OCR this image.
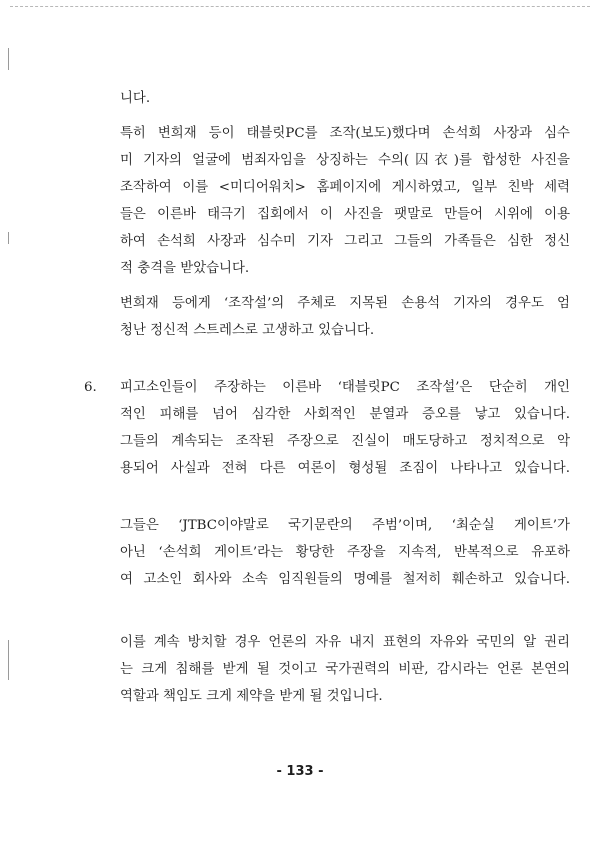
니다.
특히 변희재 등이 태블릿PC를 조작(보도)했다며 손석희 사장과 심수
미 기자의 얼굴에 범죄자임을 상징하는 수의(囚衣)를 합성한 사진을
조작하여 이를 <미디어워치> 홈페이지에 게시하였고, 일부 친박 세력
들은 이른바 태극기 집회에서 이 사진을 팻말로 만들어 시위에 이용
하여 손석희 사장과 심수미 기자 그리고 그들의 가족들은 심한 정신
적 충격을 받았습니다.
변희재 등에게 ‘조작설’의 주체로 지목된 손용석 기자의 경우도 엄
청난 정신적 스트레스로 고생하고 있습니다.
6. 피고소인들이 주장하는 이른바 ‘태블릿PC 조작설’은 단순히 개인
적인 피해를 넘어 심각한 사회적인 분열과 증오를 낳고 있습니다.
그들의 계속되는 조작된 주장으로 진실이 매도당하고 정치적으로 악
용되어 사실과 전혀 다른 여론이 형성될 조짐이 나타나고 있습니다.
그들은 ‘JTBC이야말로 국기문란의 주범’이며, ‘최순실 게이트’가
아닌 ‘손석희 게이트’라는 황당한 주장을 지속적, 반복적으로 유포하
여 고소인 회사와 소속 임직원들의 명예를 철저히 훼손하고 있습니다.
이를 계속 방치할 경우 언론의 자유 내지 표현의 자유와 국민의 알 권리
는 크게 침해를 받게 될 것이고 국가권력의 비판, 감시라는 언론 본연의
역할과 책임도 크게 제약을 받게 될 것입니다.
- 133 -
